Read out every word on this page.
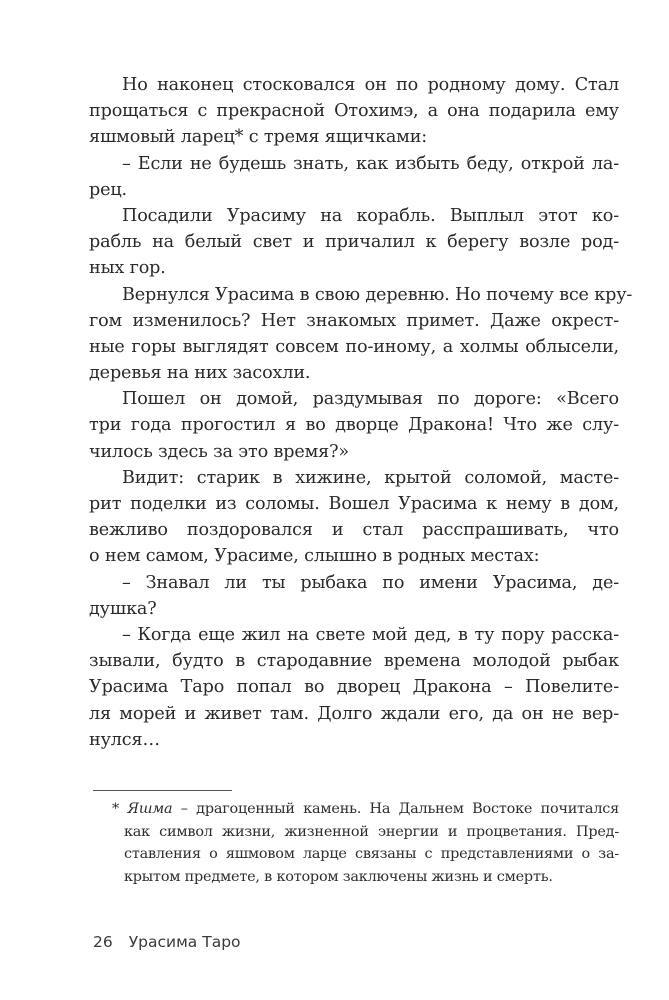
Но наконец стосковался он по родному дому. Стал
прощаться с прекрасной Отохимэ, а она подарила ему
яшмовый ларец* с тремя ящичками:
– Если не будешь знать, как избыть беду, открой ла-
рец.
Посадили Урасиму на корабль. Выплыл этот ко-
рабль на белый свет и причалил к берегу возле род-
ных гор.
Вернулся Урасима в свою деревню. Но почему все кру-
гом изменилось? Нет знакомых примет. Даже окрест-
ные горы выглядят совсем по-иному, а холмы облысели,
деревья на них засохли.
Пошел он домой, раздумывая по дороге: «Всего
три года прогостил я во дворце Дракона! Что же слу-
чилось здесь за это время?»
Видит: старик в хижине, крытой соломой, мастe-
рит поделки из соломы. Вошел Урасима к нему в дом,
вежливо поздоровался и стал расспрашивать, что
о нем самом, Урасиме, слышно в родных местах:
– Знавал ли ты рыбака по имени Урасима, де-
душка?
– Когда еще жил на свете мой дед, в ту пору расска-
зывали, будто в стародавние времена молодой рыбак
Урасима Таро попал во дворец Дракона – Повелите-
ля морей и живет там. Долго ждали его, да он не вер-
нулся…
* Яшма – драгоценный камень. На Дальнем Востоке почитался
как символ жизни, жизненной энергии и процветания. Пред-
ставления о яшмовом ларце связаны с представлениями о за-
крытом предмете, в котором заключены жизнь и смерть.
26 Урасима Таро
